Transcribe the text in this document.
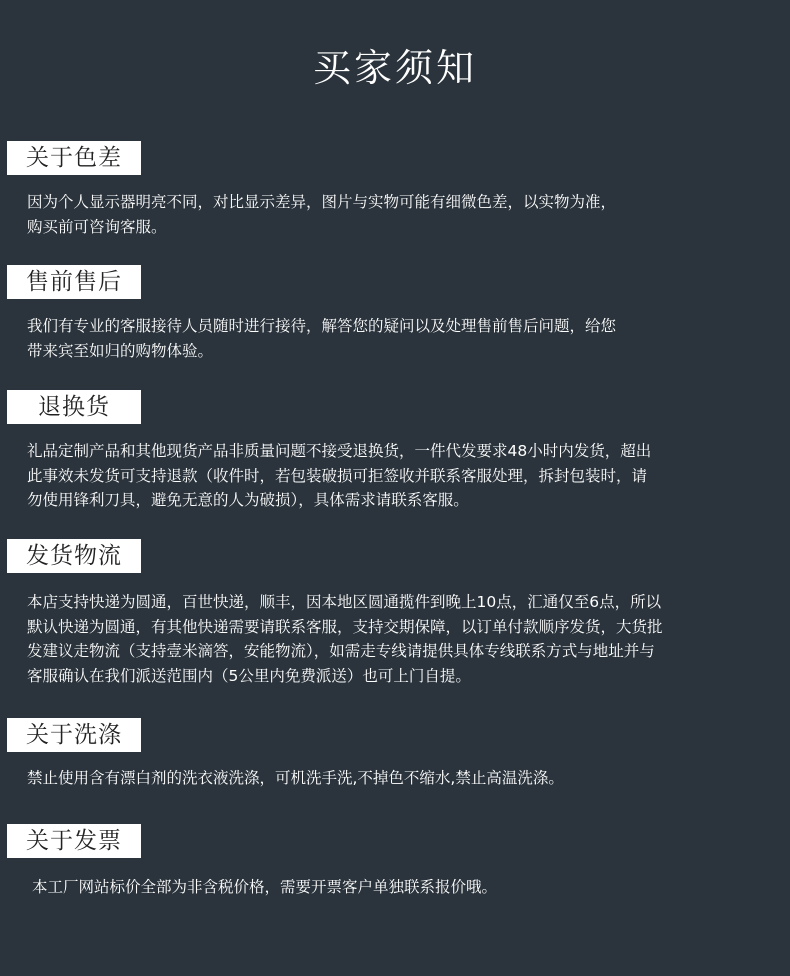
买家须知
关于色差

因为个人显示器明亮不同，对比显示差异，图片与实物可能有细微色差，以实物为准，

购买前可咨询客服。

售前售后

我们有专业的客服接待人员随时进行接待，解答您的疑问以及处理售前售后问题，给您

带来宾至如归的购物体验。

退换货

礼品定制产品和其他现货产品非质量问题不接受退换货，一件代发要求48小时内发货，超出

此事效未发货可支持退款（收件时，若包装破损可拒签收并联系客服处理，拆封包装时，请

勿使用锋利刀具，避免无意的人为破损），具体需求请联系客服。

发货物流

本店支持快递为圆通，百世快递，顺丰，因本地区圆通揽件到晚上10点，汇通仅至6点，所以

默认快递为圆通，有其他快递需要请联系客服，支持交期保障，以订单付款顺序发货，大货批

发建议走物流（支持壹米滴答，安能物流），如需走专线请提供具体专线联系方式与地址并与

客服确认在我们派送范围内（5公里内免费派送）也可上门自提。

关于洗涤

禁止使用含有漂白剂的洗衣液洗涤，可机洗手洗,不掉色不缩水,禁止高温洗涤。

关于发票

本工厂网站标价全部为非含税价格，需要开票客户单独联系报价哦。
